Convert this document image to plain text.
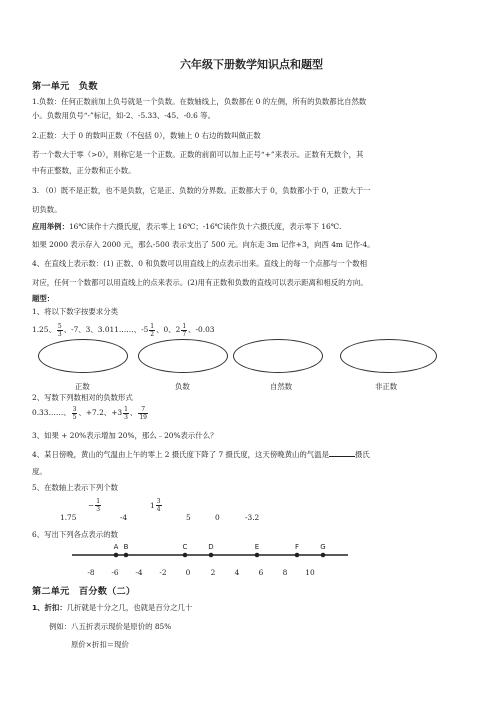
六年级下册数学知识点和题型
第一单元　负数
1.负数：任何正数前加上负号就是一个负数。在数轴线上，负数都在 0 的左侧，所有的负数都比自然数
小。负数用负号“-”标记，如-2、-5.33、-45、-0.6 等。
2.正数：大于 0 的数叫正数（不包括 0），数轴上 0 右边的数叫做正数
若一个数大于零（>0），则称它是一个正数。正数的前面可以加上正号“+”来表示。正数有无数个，其
中有正整数，正分数和正小数。
3. （0）既不是正数，也不是负数，它是正、负数的分界数。正数都大于 0，负数都小于 0，正数大于一
切负数。
应用举例：16℃读作十六摄氏度，表示零上 16℃；-16℃读作负十六摄氏度，表示零下 16℃.
如果 2000 表示存入 2000 元，那么-500 表示支出了 500 元。向东走 3m 记作+3，向西 4m 记作-4。
4、在直线上表示数：(1) 正数、0 和负数可以用直线上的点表示出来。直线上的每一个点都与一个数相
对应，任何一个数都可以用直线上的点来表示。(2)用有正数和负数的直线可以表示距离和相反的方向。
题型：
1、将以下数字按要求分类
1.25、 $\frac{5}{3}$ 、-7、3、3.011……、$-5 \frac{1}{2}$ 、0、$2 \frac{1}{7}$ 、-0.03
正数	负数	自然数	非正数
2、写数下列数相对的负数形式
0.33……、 $\frac{3}{5}$ 、+7.2、$+3 \frac{1}{3}$ 、 $\frac{7}{19}$
3、如果 + 20%表示增加 20%，那么﹣20%表示什么？
4、某日傍晚，黄山的气温由上午的零上 2 摄氏度下降了 7 摄氏度，这天傍晚黄山的气温是	摄氏
度。
5、在数轴上表示下列个数
1.75
− $\frac{1}{3}$
-4
$1 \frac{3}{4}$
5	0	-3.2
6、写出下列各点表示的数
A B	C	D	E	F	G
-8 -6 -4 -2	0	2	4	6	8 10
第二单元　百分数（二）
1、折扣：几折就是十分之几，也就是百分之几十
例如：八五折表示现价是原价的 85%
原价×折扣＝现价
